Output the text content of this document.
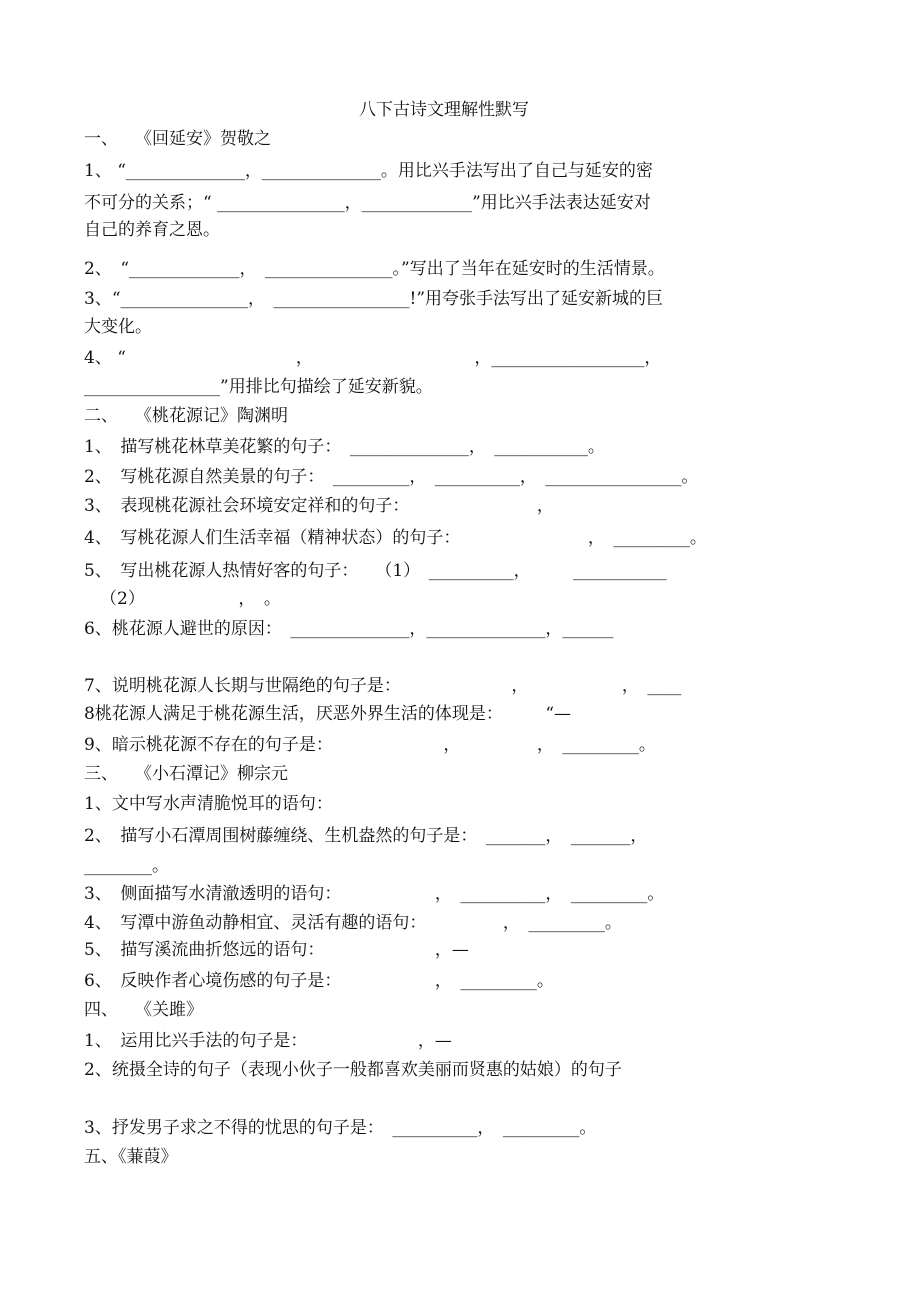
八下古诗文理解性默写
一、　　《回延安》贺敬之
1、 “______________，______________。用比兴手法写出了自己与延安的密
不可分的关系；“ _______________，_____________”用比兴手法表达延安对
自己的养育之恩。
2、　“_____________，　_______________。”写出了当年在延安时的生活情景。
3、“_______________，　________________!”用夸张手法写出了延安新城的巨
大变化。
4、 “　　　　　　　　　　，　　　　　　　　　　，__________________，
________________”用排比句描绘了延安新貌。
二、　　《桃花源记》陶渊明
1、　描写桃花林草美花繁的句子：　______________，　___________。
2、　写桃花源自然美景的句子：　_________，　__________，　________________。
3、　表现桃花源社会环境安定祥和的句子：　　　　　　　　，
4、　写桃花源人们生活幸福（精神状态）的句子：　　　　　　　　，　_________。
5、　写出桃花源人热情好客的句子：　　（1）　__________，　　　___________
（2）　　　　　　，　。
6、桃花源人避世的原因：　______________，______________，______
7、说明桃花源人长期与世隔绝的句子是：　　　　　　　，　　　　　　，　____
8桃花源人满足于桃花源生活，厌恶外界生活的体现是：　　　“—
9、暗示桃花源不存在的句子是：　　　　　　　，　　　　　，　_________。
三、　　《小石潭记》柳宗元
1、文中写水声清脆悦耳的语句：
2、　描写小石潭周围树藤缠绕、生机盎然的句子是：　_______，　_______，
________。
3、　侧面描写水清澈透明的语句：　　　　　　，　__________，　_________。
4、　写潭中游鱼动静相宜、灵活有趣的语句：　　　　　，　_________。
5、　描写溪流曲折悠远的语句：　　　　　　　，—
6、　反映作者心境伤感的句子是：　　　　　　，　_________。
四、　　《关雎》
1、　运用比兴手法的句子是：　　　　　　　，—
2、统摄全诗的句子（表现小伙子一般都喜欢美丽而贤惠的姑娘）的句子
3、抒发男子求之不得的忧思的句子是：　__________，　_________。
五、《蒹葭》
